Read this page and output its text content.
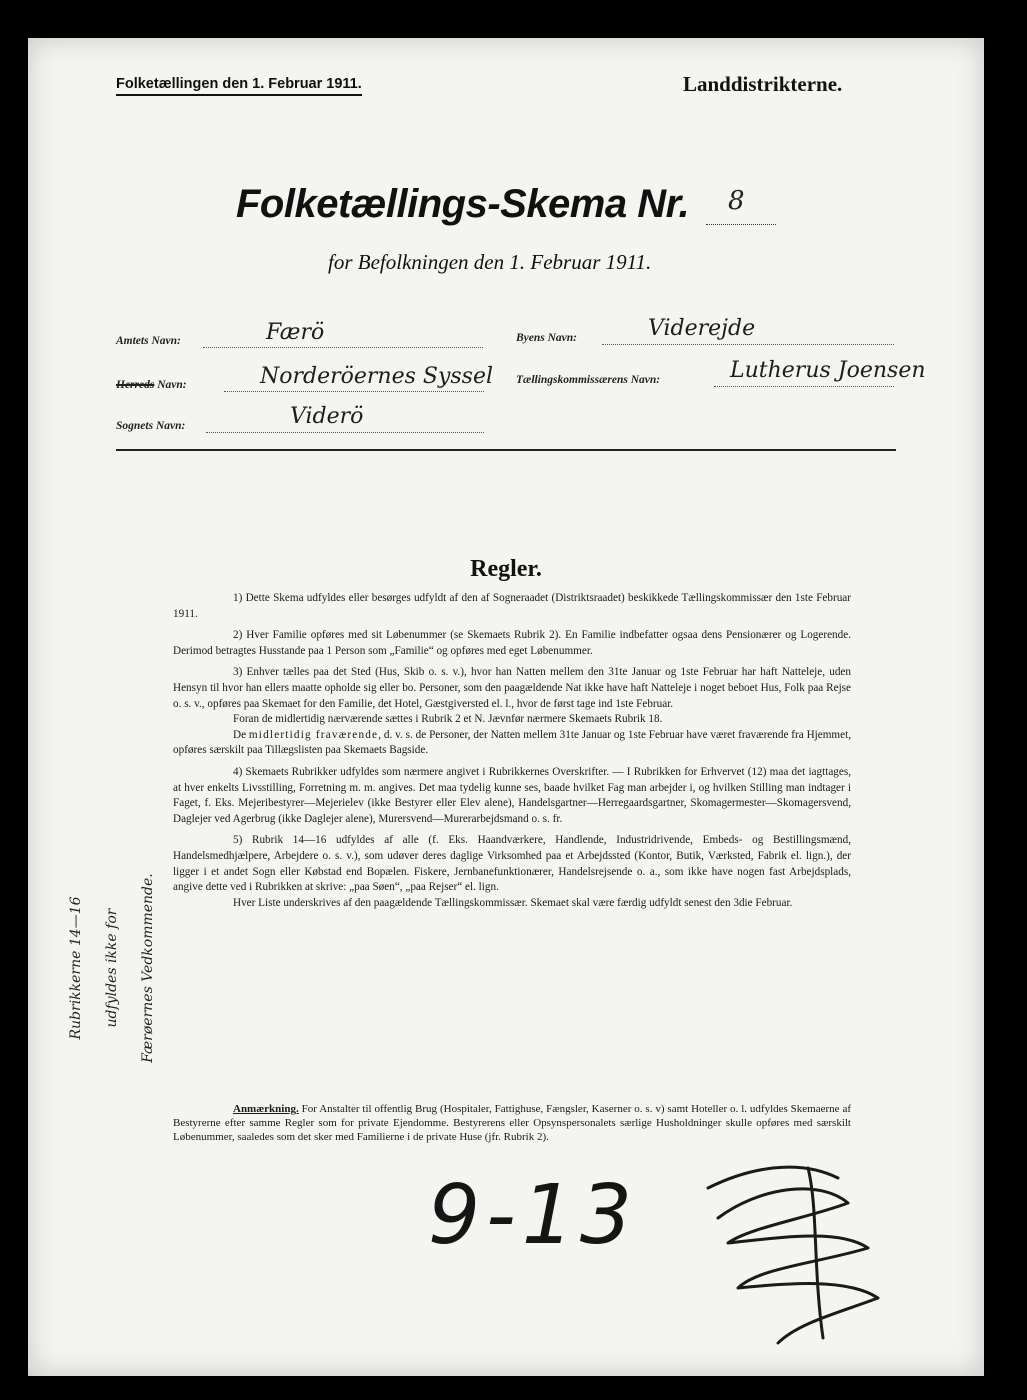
Folketællingen den 1. Februar 1911.	Landdistrikterne.
Folketællings-Skema Nr. 8
for Befolkningen den 1. Februar 1911.
Amtets Navn:	Færö	Byens Navn:	Viderejde
Herreds Navn:	Norderöernes Syssel Tællingskommissærens Navn:	Lutherus Joensen
Sognets Navn:	Viderö
Regler.

1) Dette Skema udfyldes eller besørges udfyldt af den af Sogneraadet (Distriktsraadet) beskikkede Tællingskommissær den 1ste Februar 1911.

2) Hver Familie opføres med sit Løbenummer (se Skemaets Rubrik 2). En Familie indbefatter ogsaa dens Pensionærer og Logerende. Derimod betragtes Husstande paa 1 Person som „Familie“ og opføres med eget Løbenummer.

3) Enhver tælles paa det Sted (Hus, Skib o. s. v.), hvor han Natten mellem den 31te Januar og 1ste Februar har haft Natteleje, uden Hensyn til hvor han ellers maatte opholde sig eller bo. Personer, som den paagældende Nat ikke have haft Natteleje i noget beboet Hus, Folk paa Rejse o. s. v., opføres paa Skemaet for den Familie, det Hotel, Gæstgiversted el. l., hvor de først tage ind 1ste Februar.

Foran de midlertidig nærværende sættes i Rubrik 2 et N. Jævnfør nærmere Skemaets Rubrik 18.

De midlertidig fraværende, d. v. s. de Personer, der Natten mellem 31te Januar og 1ste Februar have været fraværende fra Hjemmet, opføres særskilt paa Tillægslisten paa Skemaets Bagside.

4) Skemaets Rubrikker udfyldes som nærmere angivet i Rubrikkernes Overskrifter. — I Rubrikken for Erhvervet (12) maa det iagttages, at hver enkelts Livsstilling, Forretning m. m. angives. Det maa tydelig kunne ses, baade hvilket Fag man arbejder i, og hvilken Stilling man indtager i Faget, f. Eks. Mejeribestyrer—Mejerielev (ikke Bestyrer eller Elev alene), Handelsgartner—Herregaardsgartner, Skomagermester—Skomagersvend, Daglejer ved Agerbrug (ikke Daglejer alene), Murersvend—Murerarbejdsmand o. s. fr.

5) Rubrik 14—16 udfyldes af alle (f. Eks. Haandværkere, Handlende, Industridrivende, Embeds- og Bestillingsmænd, Handelsmedhjælpere, Arbejdere o. s. v.), som udøver deres daglige Virksomhed paa et Arbejdssted (Kontor, Butik, Værksted, Fabrik el. lign.), der ligger i et andet Sogn eller Købstad end Bopælen. Fiskere, Jernbanefunktionærer, Handelsrejsende o. a., som ikke have nogen fast Arbejdsplads, angive dette ved i Rubrikken at skrive: „paa Søen“, „paa Rejser“ el. lign.

Hver Liste underskrives af den paagældende Tællingskommissær. Skemaet skal være færdig udfyldt senest den 3die Februar.

Anmærkning. For Anstalter til offentlig Brug (Hospitaler, Fattighuse, Fængsler, Kaserner o. s. v) samt Hoteller o. l. udfyldes Skemaerne af Bestyrerne efter samme Regler som for private Ejendomme. Bestyrerens eller Opsynspersonalets særlige Husholdninger skulle opføres med særskilt Løbenummer, saaledes som det sker med Familierne i de private Huse (jfr. Rubrik 2).

Rubrikkerne 14—16	udfyldes ikke for	Færøernes Vedkommende.
9-13
